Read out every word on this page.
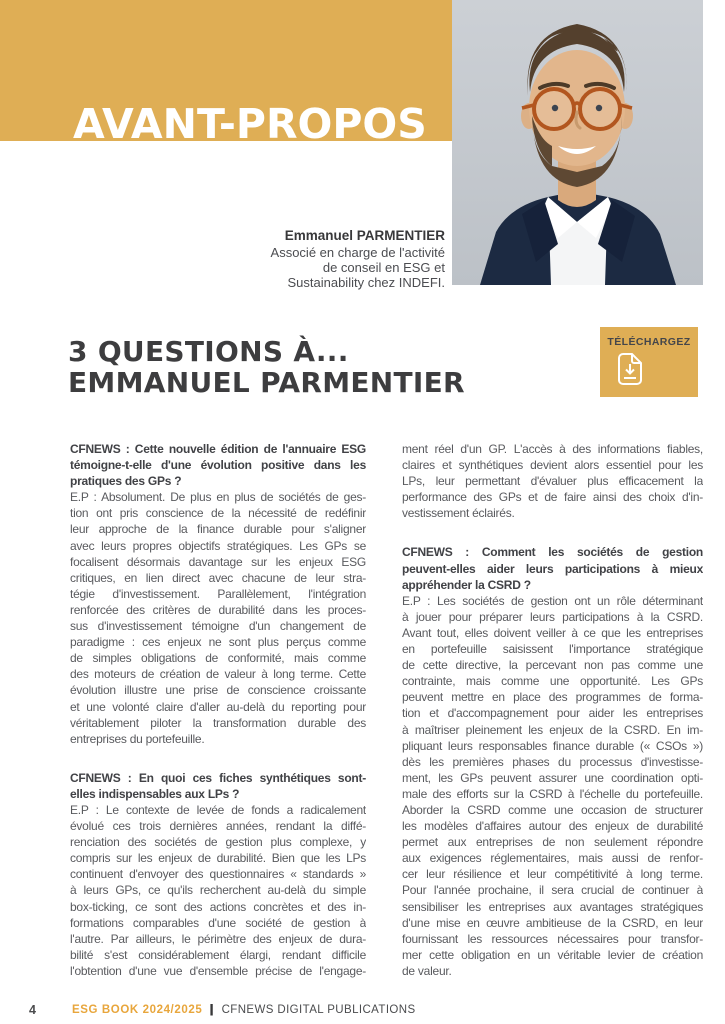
AVANT-PROPOS
Emmanuel PARMENTIER
Associé en charge de l'activité
de conseil en ESG et
Sustainability chez INDEFI.
3 QUESTIONS À...
EMMANUEL PARMENTIER
TÉLÉCHARGEZ
CFNEWS : Cette nouvelle édition de l'annuaire ESG
témoigne-t-elle d'une évolution positive dans les
pratiques des GPs ?
E.P : Absolument. De plus en plus de sociétés de ges-
tion ont pris conscience de la nécessité de redéfinir
leur approche de la finance durable pour s'aligner
avec leurs propres objectifs stratégiques. Les GPs se
focalisent désormais davantage sur les enjeux ESG
critiques, en lien direct avec chacune de leur stra-
tégie d'investissement. Parallèlement, l'intégration
renforcée des critères de durabilité dans les proces-
sus d'investissement témoigne d'un changement de
paradigme : ces enjeux ne sont plus perçus comme
de simples obligations de conformité, mais comme
des moteurs de création de valeur à long terme. Cette
évolution illustre une prise de conscience croissante
et une volonté claire d'aller au-delà du reporting pour
véritablement piloter la transformation durable des
entreprises du portefeuille.
CFNEWS : En quoi ces fiches synthétiques sont-
elles indispensables aux LPs ?
E.P : Le contexte de levée de fonds a radicalement
évolué ces trois dernières années, rendant la diffé-
renciation des sociétés de gestion plus complexe, y
compris sur les enjeux de durabilité. Bien que les LPs
continuent d'envoyer des questionnaires « standards »
à leurs GPs, ce qu'ils recherchent au-delà du simple
box-ticking, ce sont des actions concrètes et des in-
formations comparables d'une société de gestion à
l'autre. Par ailleurs, le périmètre des enjeux de dura-
bilité s'est considérablement élargi, rendant difficile
l'obtention d'une vue d'ensemble précise de l'engage-
ment réel d'un GP. L'accès à des informations fiables,
claires et synthétiques devient alors essentiel pour les
LPs, leur permettant d'évaluer plus efficacement la
performance des GPs et de faire ainsi des choix d'in-
vestissement éclairés.
CFNEWS : Comment les sociétés de gestion
peuvent-elles aider leurs participations à mieux
appréhender la CSRD ?
E.P : Les sociétés de gestion ont un rôle déterminant
à jouer pour préparer leurs participations à la CSRD.
Avant tout, elles doivent veiller à ce que les entreprises
en portefeuille saisissent l'importance stratégique
de cette directive, la percevant non pas comme une
contrainte, mais comme une opportunité. Les GPs
peuvent mettre en place des programmes de forma-
tion et d'accompagnement pour aider les entreprises
à maîtriser pleinement les enjeux de la CSRD. En im-
pliquant leurs responsables finance durable (« CSOs »)
dès les premières phases du processus d'investisse-
ment, les GPs peuvent assurer une coordination opti-
male des efforts sur la CSRD à l'échelle du portefeuille.
Aborder la CSRD comme une occasion de structurer
les modèles d'affaires autour des enjeux de durabilité
permet aux entreprises de non seulement répondre
aux exigences réglementaires, mais aussi de renfor-
cer leur résilience et leur compétitivité à long terme.
Pour l'année prochaine, il sera crucial de continuer à
sensibiliser les entreprises aux avantages stratégiques
d'une mise en œuvre ambitieuse de la CSRD, en leur
fournissant les ressources nécessaires pour transfor-
mer cette obligation en un véritable levier de création
de valeur.
4	ESG BOOK 2024/2025 | CFNEWS DIGITAL PUBLICATIONS
